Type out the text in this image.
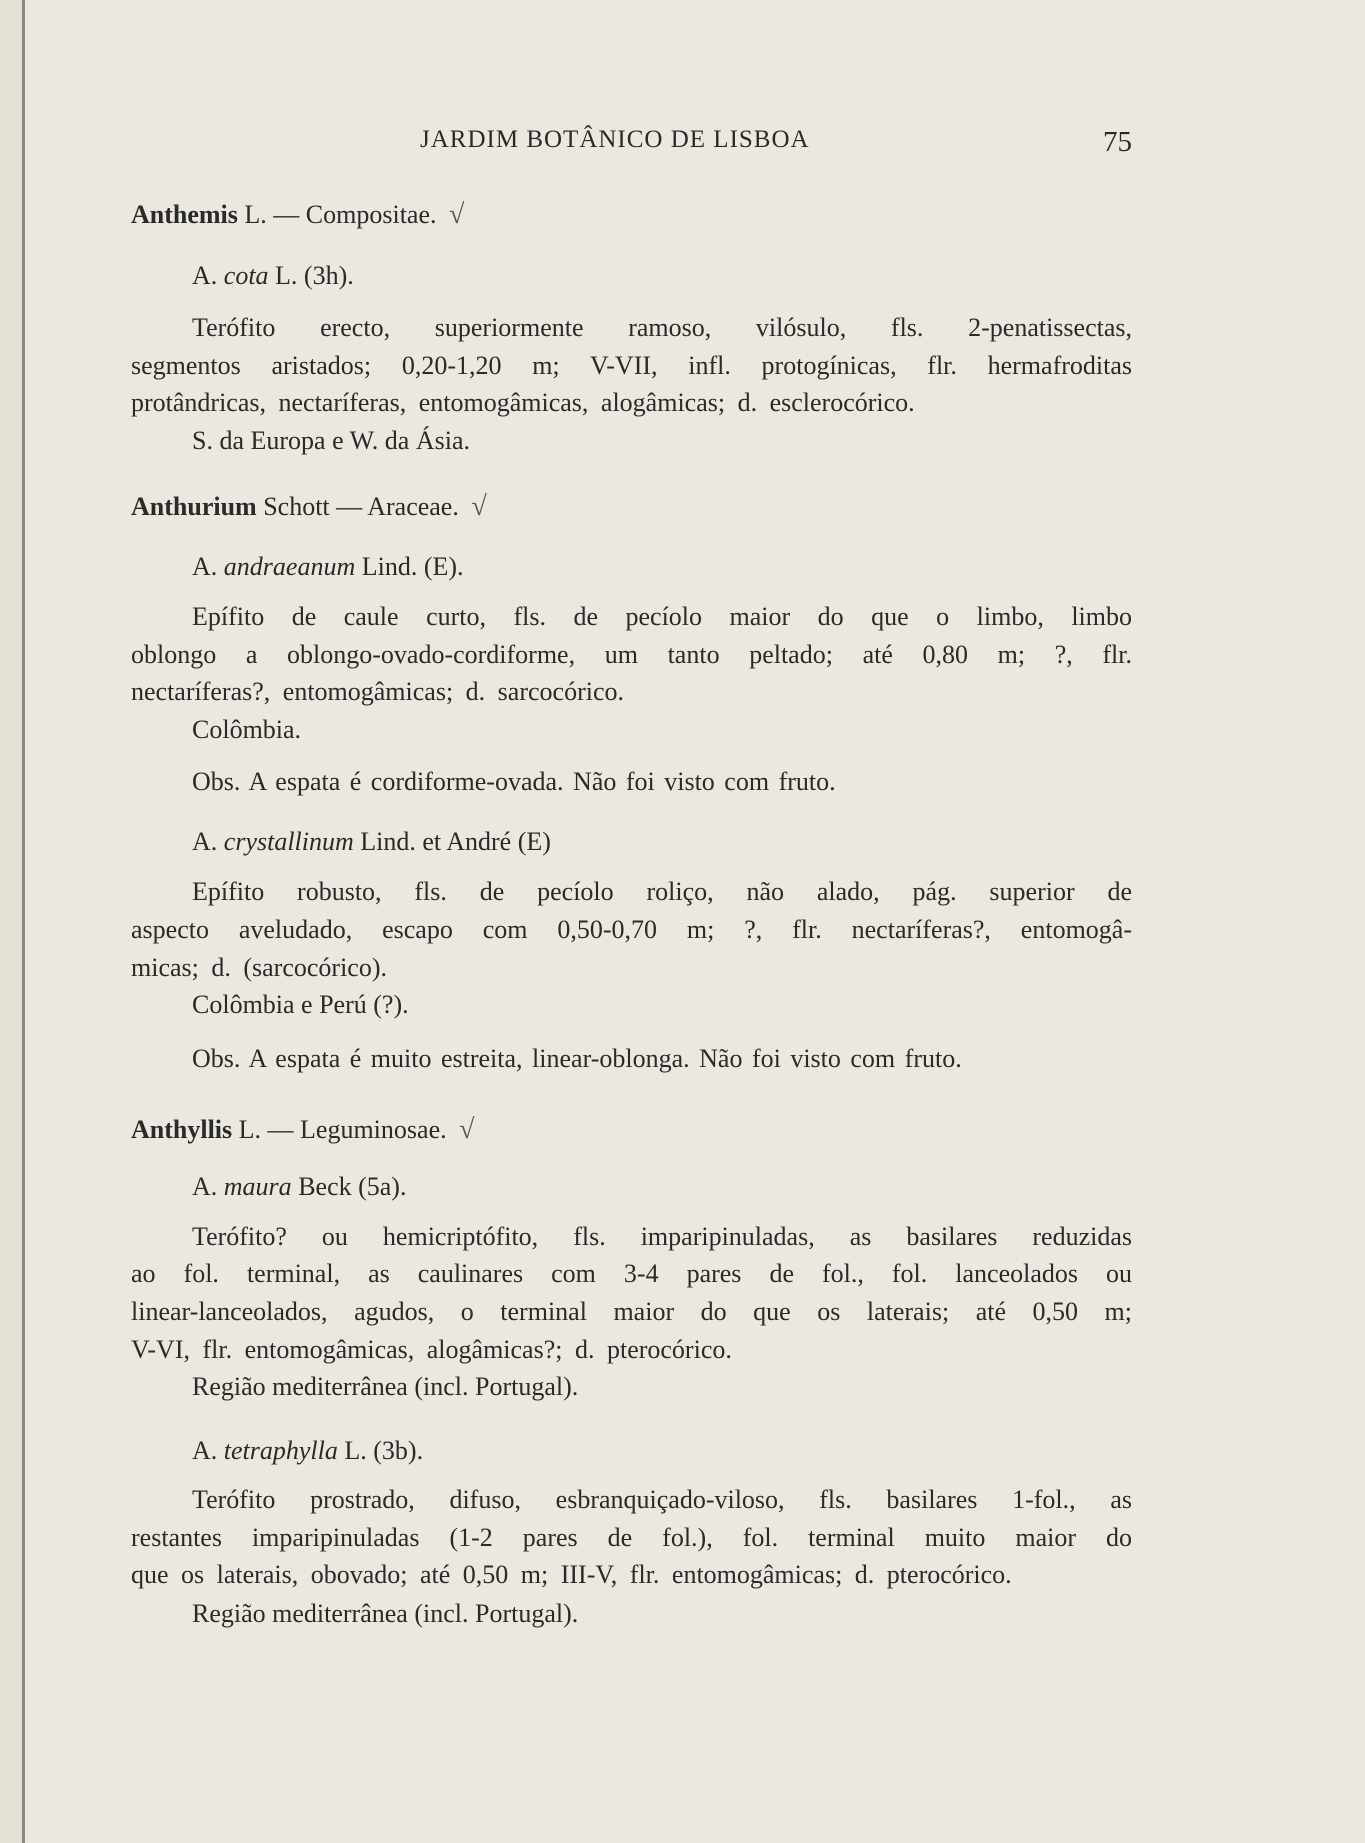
JARDIM BOTÂNICO DE LISBOA	75
Anthemis L. — Compositae. √
A. cota L. (3h).
Terófito erecto, superiormente ramoso, vilósulo, fls. 2-penatissectas,
segmentos aristados; 0,20-1,20 m; V-VII, infl. protogínicas, flr. hermafroditas
protândricas, nectaríferas, entomogâmicas, alogâmicas; d. esclerocórico.
S. da Europa e W. da Ásia.
Anthurium Schott — Araceae. √
A. andraeanum Lind. (E).
Epífito de caule curto, fls. de pecíolo maior do que o limbo, limbo
oblongo a oblongo-ovado-cordiforme, um tanto peltado; até 0,80 m; ?, flr.
nectaríferas?, entomogâmicas; d. sarcocórico.
Colômbia.
Obs. A espata é cordiforme-ovada. Não foi visto com fruto.
A. crystallinum Lind. et André (E)
Epífito robusto, fls. de pecíolo roliço, não alado, pág. superior de
aspecto aveludado, escapo com 0,50-0,70 m; ?, flr. nectaríferas?, entomogâ-
micas; d. (sarcocórico).
Colômbia e Perú (?).
Obs. A espata é muito estreita, linear-oblonga. Não foi visto com fruto.
Anthyllis L. — Leguminosae. √
A. maura Beck (5a).
Terófito? ou hemicriptófito, fls. imparipinuladas, as basilares reduzidas
ao fol. terminal, as caulinares com 3-4 pares de fol., fol. lanceolados ou
linear-lanceolados, agudos, o terminal maior do que os laterais; até 0,50 m;
V-VI, flr. entomogâmicas, alogâmicas?; d. pterocórico.
Região mediterrânea (incl. Portugal).
A. tetraphylla L. (3b).
Terófito prostrado, difuso, esbranquiçado-viloso, fls. basilares 1-fol., as
restantes imparipinuladas (1-2 pares de fol.), fol. terminal muito maior do
que os laterais, obovado; até 0,50 m; III-V, flr. entomogâmicas; d. pterocórico.
Região mediterrânea (incl. Portugal).
